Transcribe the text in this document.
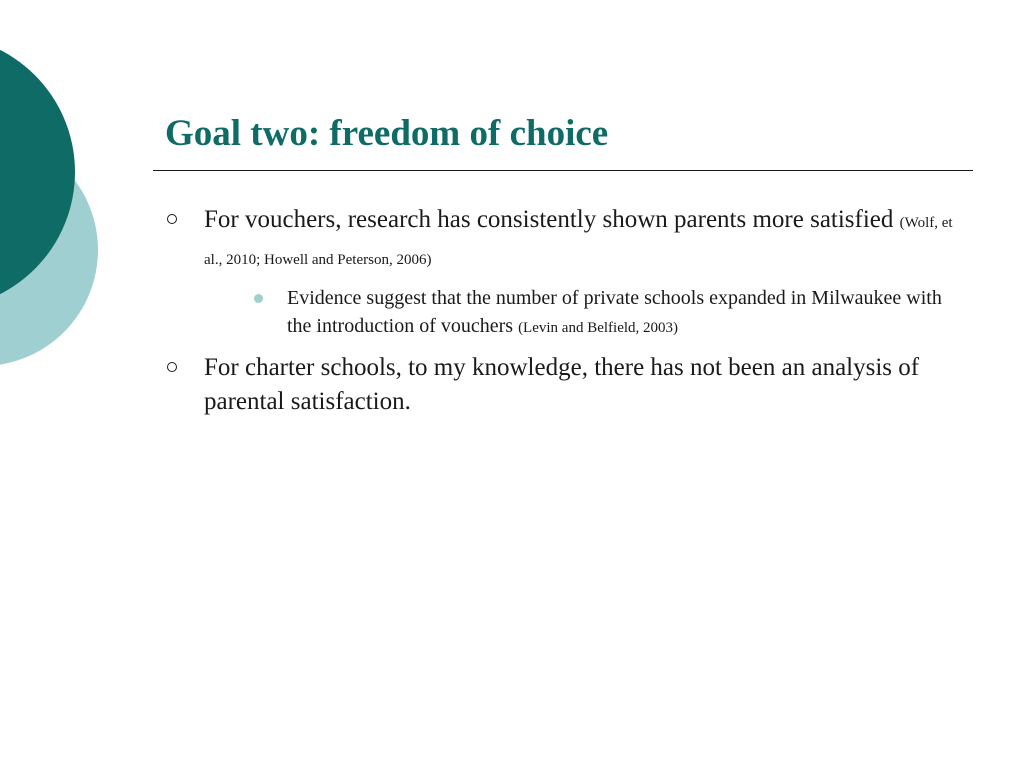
Goal two: freedom of choice
For vouchers, research has consistently shown parents more satisfied (Wolf, et al., 2010; Howell and Peterson, 2006)
Evidence suggest that the number of private schools expanded in Milwaukee with the introduction of vouchers (Levin and Belfield, 2003)
For charter schools, to my knowledge, there has not been an analysis of parental satisfaction.
